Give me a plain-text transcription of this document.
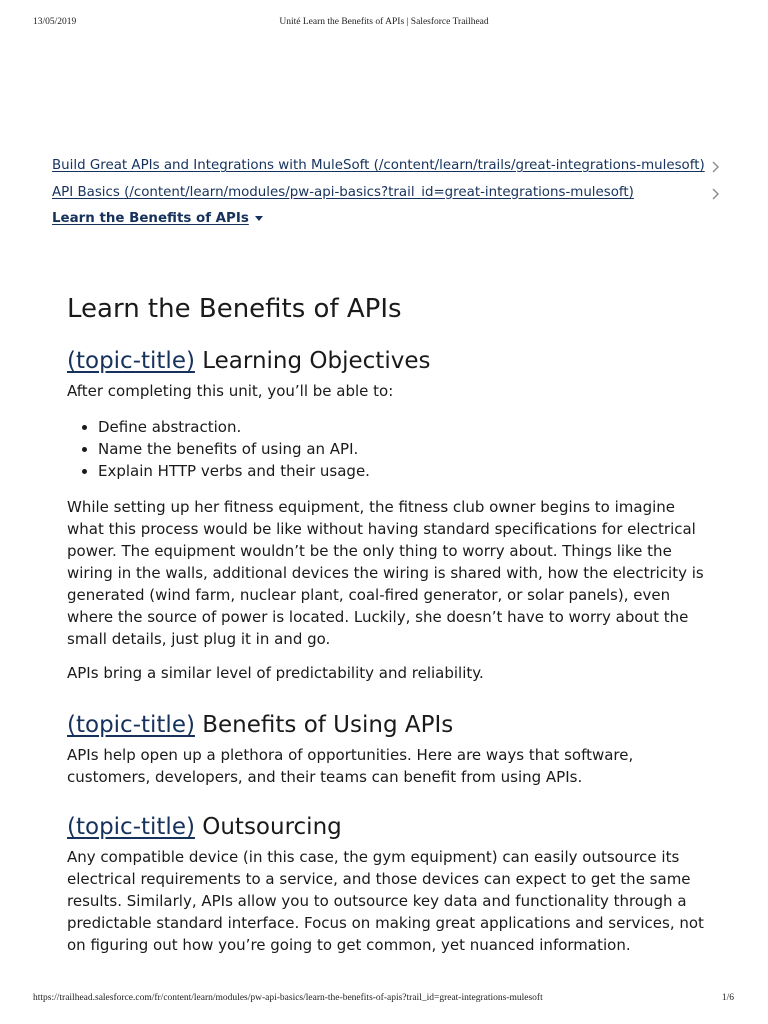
13/05/2019	Unité Learn the Benefits of APIs | Salesforce Trailhead
Build Great APIs and Integrations with MuleSoft (/content/learn/trails/great-integrations-mulesoft)
API Basics (/content/learn/modules/pw-api-basics?trail_id=great-integrations-mulesoft)
Learn the Benefits of APIs
Learn the Benefits of APIs
(topic-title) Learning Objectives

After completing this unit, you’ll be able to:

• Define abstraction.
• Name the benefits of using an API.
• Explain HTTP verbs and their usage.

While setting up her fitness equipment, the fitness club owner begins to imagine what this process would be like without having standard specifications for electrical power. The equipment wouldn’t be the only thing to worry about. Things like the wiring in the walls, additional devices the wiring is shared with, how the electricity is generated (wind farm, nuclear plant, coal-fired generator, or solar panels), even where the source of power is located. Luckily, she doesn’t have to worry about the small details, just plug it in and go.

APIs bring a similar level of predictability and reliability.

(topic-title) Benefits of Using APIs

APIs help open up a plethora of opportunities. Here are ways that software, customers, developers, and their teams can benefit from using APIs.

(topic-title) Outsourcing

Any compatible device (in this case, the gym equipment) can easily outsource its electrical requirements to a service, and those devices can expect to get the same results. Similarly, APIs allow you to outsource key data and functionality through a predictable standard interface. Focus on making great applications and services, not on figuring out how you’re going to get common, yet nuanced information.

https://trailhead.salesforce.com/fr/content/learn/modules/pw-api-basics/learn-the-benefits-of-apis?trail_id=great-integrations-mulesoft	1/6
